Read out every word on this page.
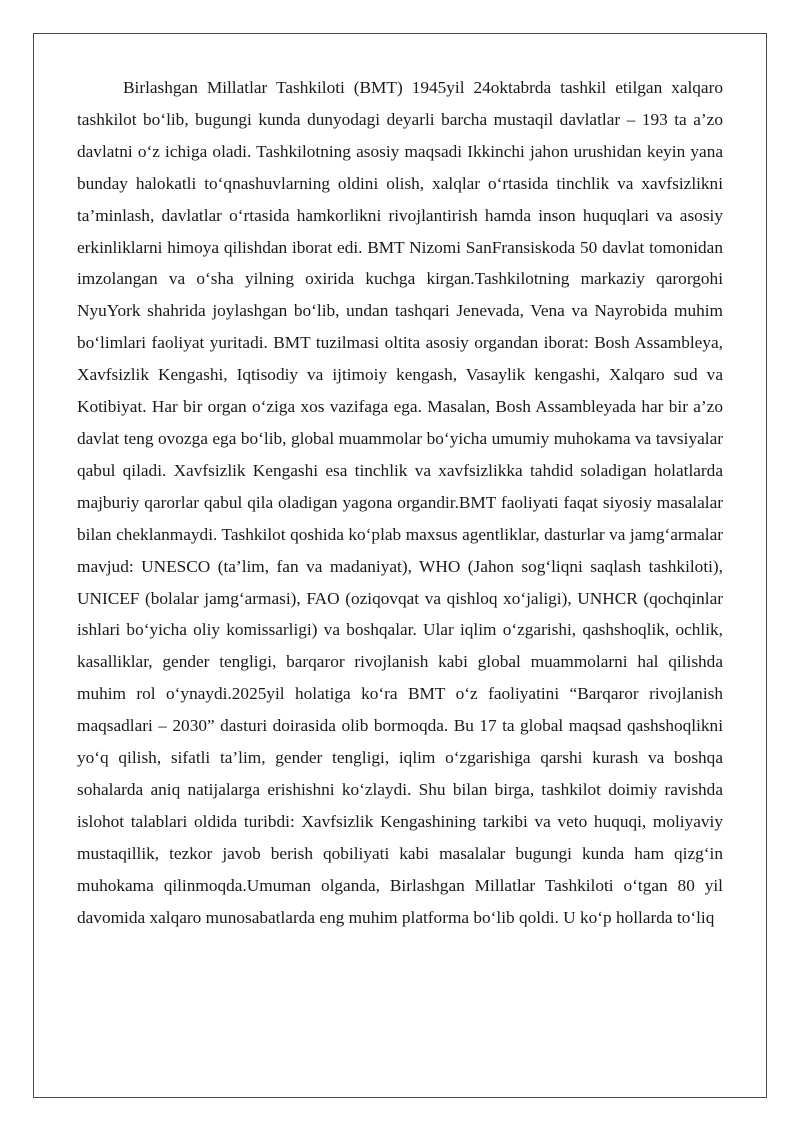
Birlashgan Millatlar Tashkiloti (BMT) 1945yil 24oktabrda tashkil etilgan xalqaro tashkilot bo‘lib, bugungi kunda dunyodagi deyarli barcha mustaqil davlatlar – 193 ta a’zo davlatni o‘z ichiga oladi. Tashkilotning asosiy maqsadi Ikkinchi jahon urushidan keyin yana bunday halokatli to‘qnashuvlarning oldini olish, xalqlar o‘rtasida tinchlik va xavfsizlikni ta’minlash, davlatlar o‘rtasida hamkorlikni rivojlantirish hamda inson huquqlari va asosiy erkinliklarni himoya qilishdan iborat edi. BMT Nizomi SanFransiskoda 50 davlat tomonidan imzolangan va o‘sha yilning oxirida kuchga kirgan.Tashkilotning markaziy qarorgohi NyuYork shahrida joylashgan bo‘lib, undan tashqari Jenevada, Vena va Nayrobida muhim bo‘limlari faoliyat yuritadi. BMT tuzilmasi oltita asosiy organdan iborat: Bosh Assambleya, Xavfsizlik Kengashi, Iqtisodiy va ijtimoiy kengash, Vasaylik kengashi, Xalqaro sud va Kotibiyat. Har bir organ o‘ziga xos vazifaga ega. Masalan, Bosh Assambleyada har bir a’zo davlat teng ovozga ega bo‘lib, global muammolar bo‘yicha umumiy muhokama va tavsiyalar qabul qiladi. Xavfsizlik Kengashi esa tinchlik va xavfsizlikka tahdid soladigan holatlarda majburiy qarorlar qabul qila oladigan yagona organdir.BMT faoliyati faqat siyosiy masalalar bilan cheklanmaydi. Tashkilot qoshida ko‘plab maxsus agentliklar, dasturlar va jamg‘armalar mavjud: UNESCO (ta’lim, fan va madaniyat), WHO (Jahon sog‘liqni saqlash tashkiloti), UNICEF (bolalar jamg‘armasi), FAO (oziqovqat va qishloq xo‘jaligi), UNHCR (qochqinlar ishlari bo‘yicha oliy komissarligi) va boshqalar. Ular iqlim o‘zgarishi, qashshoqlik, ochlik, kasalliklar, gender tengligi, barqaror rivojlanish kabi global muammolarni hal qilishda muhim rol o‘ynaydi.2025yil holatiga ko‘ra BMT o‘z faoliyatini “Barqaror rivojlanish maqsadlari – 2030” dasturi doirasida olib bormoqda. Bu 17 ta global maqsad qashshoqlikni yo‘q qilish, sifatli ta’lim, gender tengligi, iqlim o‘zgarishiga qarshi kurash va boshqa sohalarda aniq natijalarga erishishni ko‘zlaydi. Shu bilan birga, tashkilot doimiy ravishda islohot talablari oldida turibdi: Xavfsizlik Kengashining tarkibi va veto huquqi, moliyaviy mustaqillik, tezkor javob berish qobiliyati kabi masalalar bugungi kunda ham qizg‘in muhokama qilinmoqda.Umuman olganda, Birlashgan Millatlar Tashkiloti o‘tgan 80 yil davomida xalqaro munosabatlarda eng muhim platforma bo‘lib qoldi. U ko‘p hollarda to‘liq
